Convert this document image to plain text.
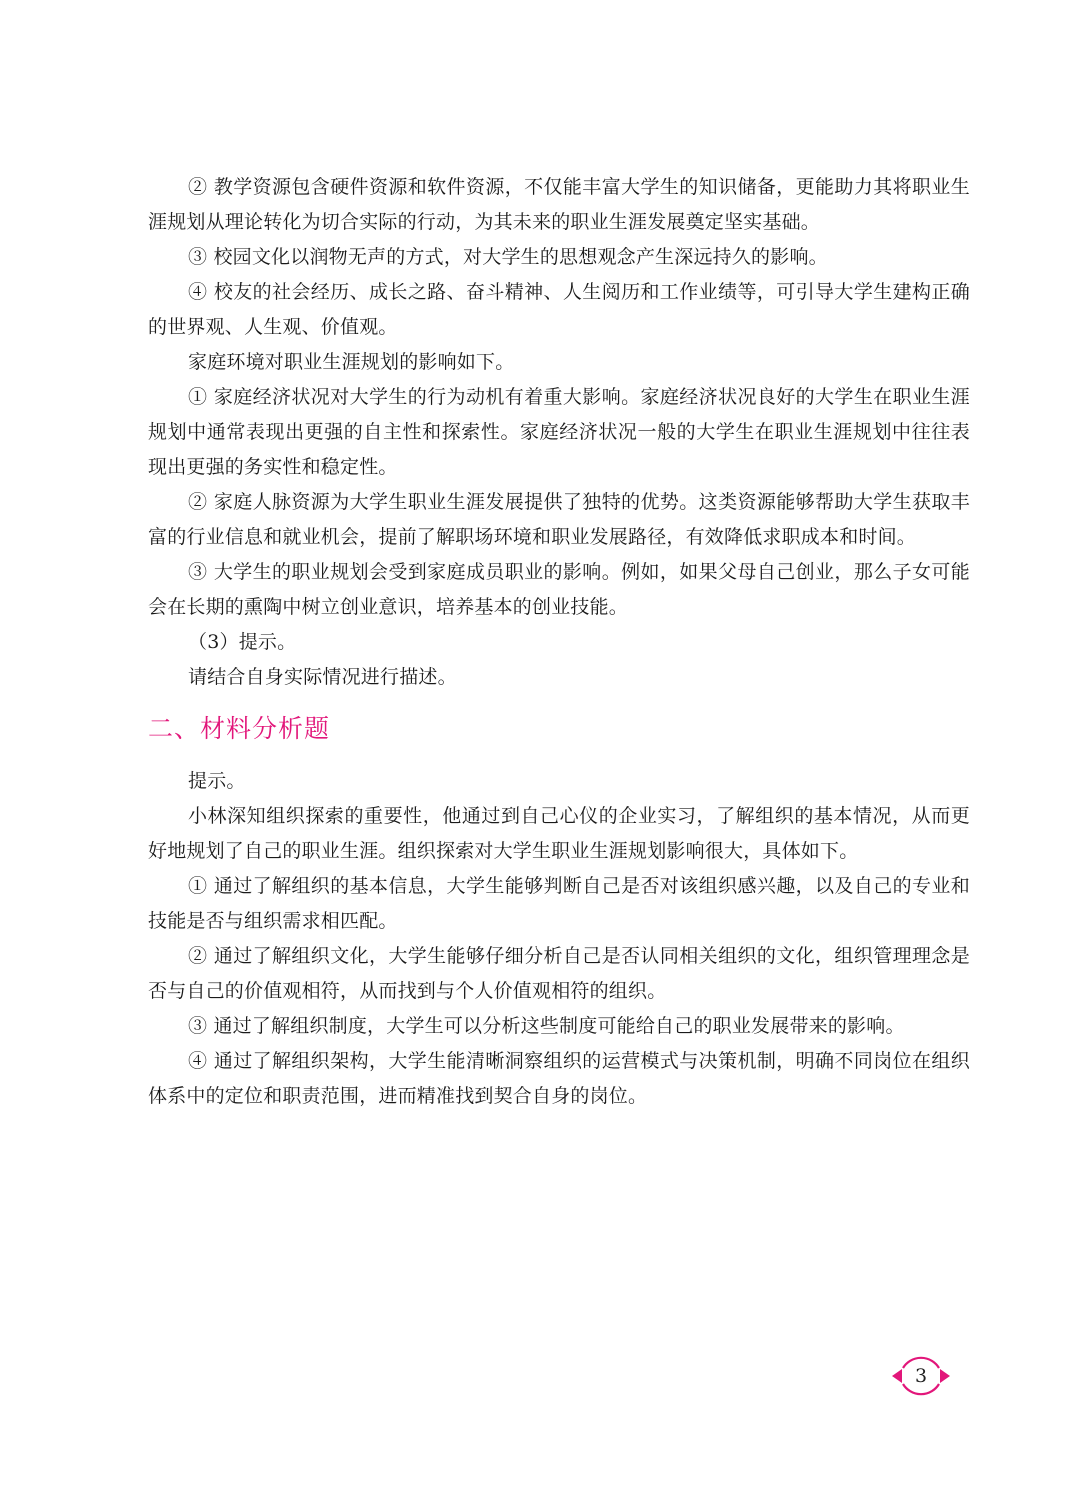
② 教学资源包含硬件资源和软件资源，不仅能丰富大学生的知识储备，更能助力其将职业生涯规划从理论转化为切合实际的行动，为其未来的职业生涯发展奠定坚实基础。

③ 校园文化以润物无声的方式，对大学生的思想观念产生深远持久的影响。

④ 校友的社会经历、成长之路、奋斗精神、人生阅历和工作业绩等，可引导大学生建构正确的世界观、人生观、价值观。

家庭环境对职业生涯规划的影响如下。

① 家庭经济状况对大学生的行为动机有着重大影响。家庭经济状况良好的大学生在职业生涯规划中通常表现出更强的自主性和探索性。家庭经济状况一般的大学生在职业生涯规划中往往表现出更强的务实性和稳定性。

② 家庭人脉资源为大学生职业生涯发展提供了独特的优势。这类资源能够帮助大学生获取丰富的行业信息和就业机会，提前了解职场环境和职业发展路径，有效降低求职成本和时间。

③ 大学生的职业规划会受到家庭成员职业的影响。例如，如果父母自己创业，那么子女可能会在长期的熏陶中树立创业意识，培养基本的创业技能。

（3）提示。

请结合自身实际情况进行描述。

二、材料分析题

提示。

小林深知组织探索的重要性，他通过到自己心仪的企业实习，了解组织的基本情况，从而更好地规划了自己的职业生涯。组织探索对大学生职业生涯规划影响很大，具体如下。

① 通过了解组织的基本信息，大学生能够判断自己是否对该组织感兴趣，以及自己的专业和技能是否与组织需求相匹配。

② 通过了解组织文化，大学生能够仔细分析自己是否认同相关组织的文化，组织管理理念是否与自己的价值观相符，从而找到与个人价值观相符的组织。

③ 通过了解组织制度，大学生可以分析这些制度可能给自己的职业发展带来的影响。

④ 通过了解组织架构，大学生能清晰洞察组织的运营模式与决策机制，明确不同岗位在组织体系中的定位和职责范围，进而精准找到契合自身的岗位。

3
